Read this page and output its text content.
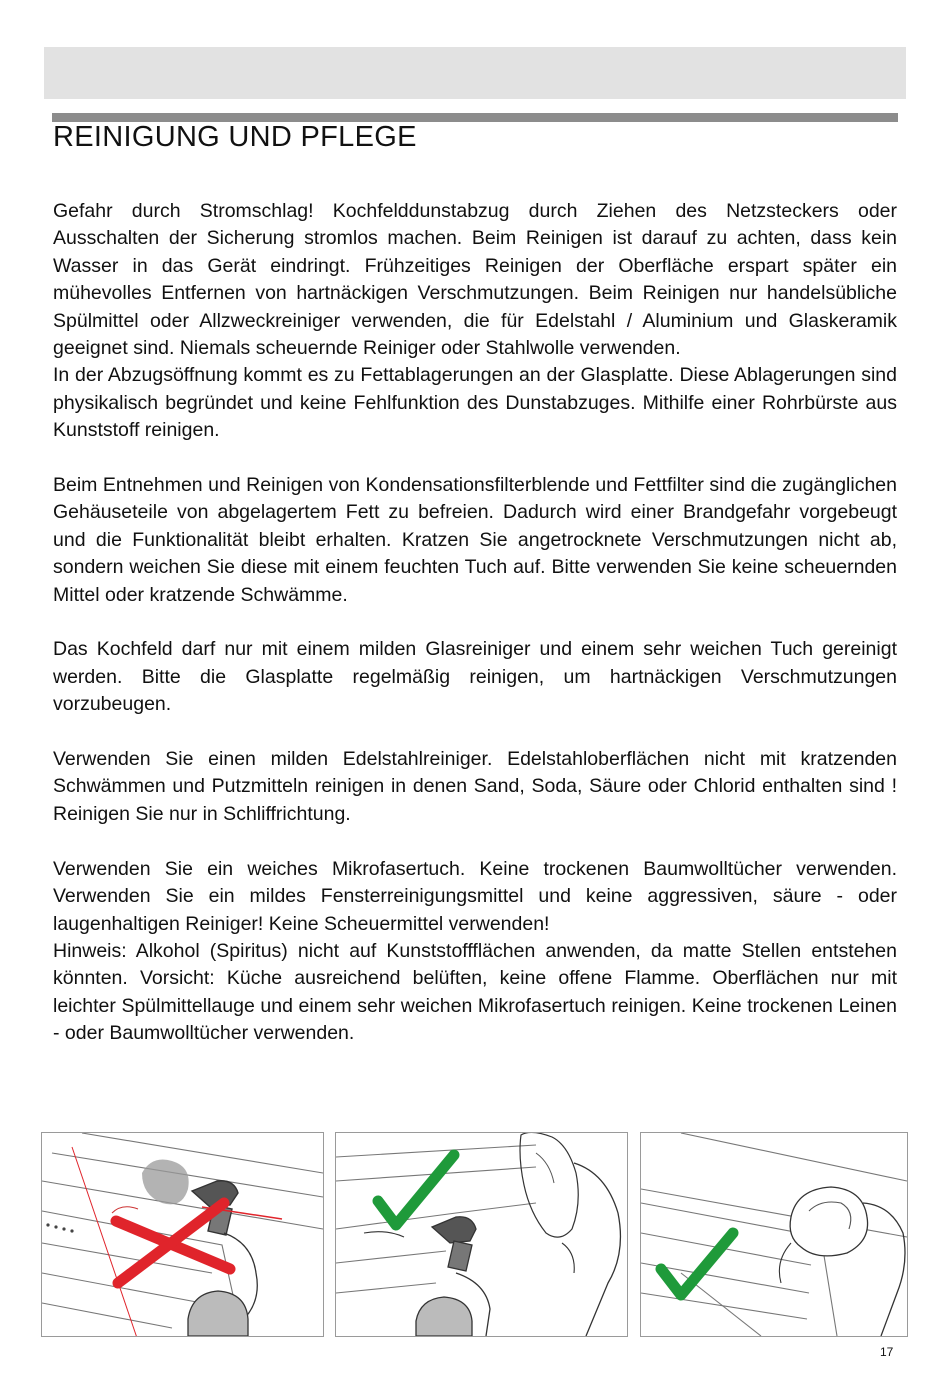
REINIGUNG UND PFLEGE

Gefahr durch Stromschlag! Kochfelddunstabzug durch Ziehen des Netzsteckers oder Ausschalten der Sicherung stromlos machen. Beim Reinigen ist darauf zu achten, dass kein Wasser in das Gerät eindringt. Frühzeitiges Reinigen der Oberfläche erspart später ein mühevolles Entfernen von hartnäckigen Verschmutzungen. Beim Reinigen nur handelsübliche Spülmittel oder Allzweckreiniger verwenden, die für Edelstahl / Aluminium und Glaskeramik geeignet sind. Niemals scheuernde Reiniger oder Stahlwolle verwenden.

In der Abzugsöffnung kommt es zu Fettablagerungen an der Glasplatte. Diese Ablagerungen sind physikalisch begründet und keine Fehlfunktion des Dunstabzuges. Mithilfe einer Rohrbürste aus Kunststoff reinigen.

Beim Entnehmen und Reinigen von Kondensationsfilterblende und Fettfilter sind die zugänglichen Gehäuseteile von abgelagertem Fett zu befreien. Dadurch wird einer Brandgefahr vorgebeugt und die Funktionalität bleibt erhalten. Kratzen Sie angetrocknete Verschmutzungen nicht ab, sondern weichen Sie diese mit einem feuchten Tuch auf. Bitte verwenden Sie keine scheuernden Mittel oder kratzende Schwämme.

Das Kochfeld darf nur mit einem milden Glasreiniger und einem sehr weichen Tuch gereinigt werden. Bitte die Glasplatte regelmäßig reinigen, um hartnäckigen Verschmutzungen vorzubeugen.

Verwenden Sie einen milden Edelstahlreiniger. Edelstahloberflächen nicht mit kratzenden Schwämmen und Putzmitteln reinigen in denen Sand, Soda, Säure oder Chlorid enthalten sind ! Reinigen Sie nur in Schliffrichtung.

Verwenden Sie ein weiches Mikrofasertuch. Keine trockenen Baumwolltücher verwenden. Verwenden Sie ein mildes Fensterreinigungsmittel und keine aggressiven, säure - oder laugenhaltigen Reiniger! Keine Scheuermittel verwenden!

Hinweis: Alkohol (Spiritus) nicht auf Kunststoffflächen anwenden, da matte Stellen entstehen könnten. Vorsicht: Küche ausreichend belüften, keine offene Flamme. Oberflächen nur mit leichter Spülmittellauge und einem sehr weichen Mikrofasertuch reinigen. Keine trockenen Leinen - oder Baumwolltücher verwenden.

17
